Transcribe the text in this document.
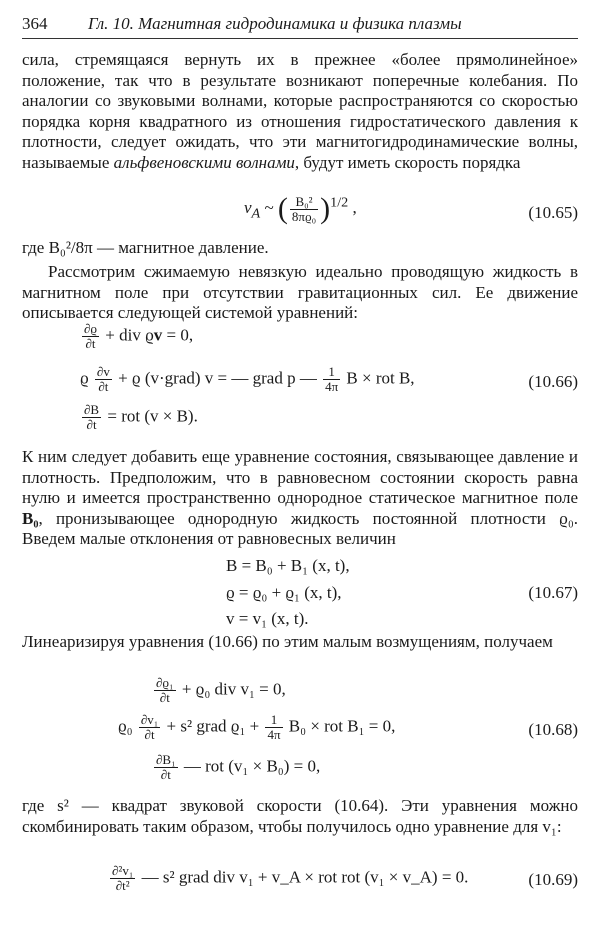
364 Гл. 10. Магнитная гидродинамика и физика плазмы

сила, стремящаяся вернуть их в прежнее «более прямолинейное» положение, так что в результате возникают поперечные колебания. По аналогии со звуковыми волнами, которые распространяются со скоростью порядка корня квадратного из отношения гидростатического давления к плотности, следует ожидать, что эти магнитогидродинамические волны, называемые альфвеновскими волнами, будут иметь скорость порядка

$v_A$ ~ ( $\frac{\text{B₀²}}{\text{8πϱ₀}} )^{1/2}$ ,	(10.65)

где B₀²/8π — магнитное давление.

Рассмотрим сжимаемую невязкую идеально проводящую жидкость в магнитном поле при отсутствии гравитационных сил. Ее движение описывается следующей системой уравнений:

$\frac{\partial ϱ}{\partial t}$ + div ϱv = 0,
ϱ $\frac{\partial v}{\partial t} + ϱ$ (v·grad) v = — grad p — $\frac{1}{4\pi}$ B × rot B,	(10.66)
$\frac{\partial B}{\partial t}$ = rot (v × B).

К ним следует добавить еще уравнение состояния, связывающее давление и плотность. Предположим, что в равновесном состоянии скорость равна нулю и имеется пространственно однородное статическое магнитное поле B₀, пронизывающее однородную жидкость постоянной плотности ϱ₀. Введем малые отклонения от равновесных величин

B = B₀ + B₁ (x, t),
ϱ = ϱ₀ + ϱ₁ (x, t),	(10.67)
v = v₁ (x, t).

Линеаризируя уравнения (10.66) по этим малым возмущениям, получаем

$\frac{\text{∂ϱ₁}}{\partial t} + ϱ_0$ div v₁ = 0,
$ϱ_0 \frac{\text{∂v₁}}{\partial t} + s^2$ grad $ϱ_1 + \frac{1}{4\pi} B_0$ × rot B₁ = 0,	(10.68)
$\frac{\text{∂B₁}}{\partial t}$ — rot (v₁ × B₀) = 0,

где s² — квадрат звуковой скорости (10.64). Эти уравнения можно скомбинировать таким образом, чтобы получилось одно уравнение для v₁:

$\frac{\text{∂²v₁}}{\text{∂t²}}$ — s² grad div v₁ + v_A × rot rot (v₁ × v_A) = 0.	(10.69)
